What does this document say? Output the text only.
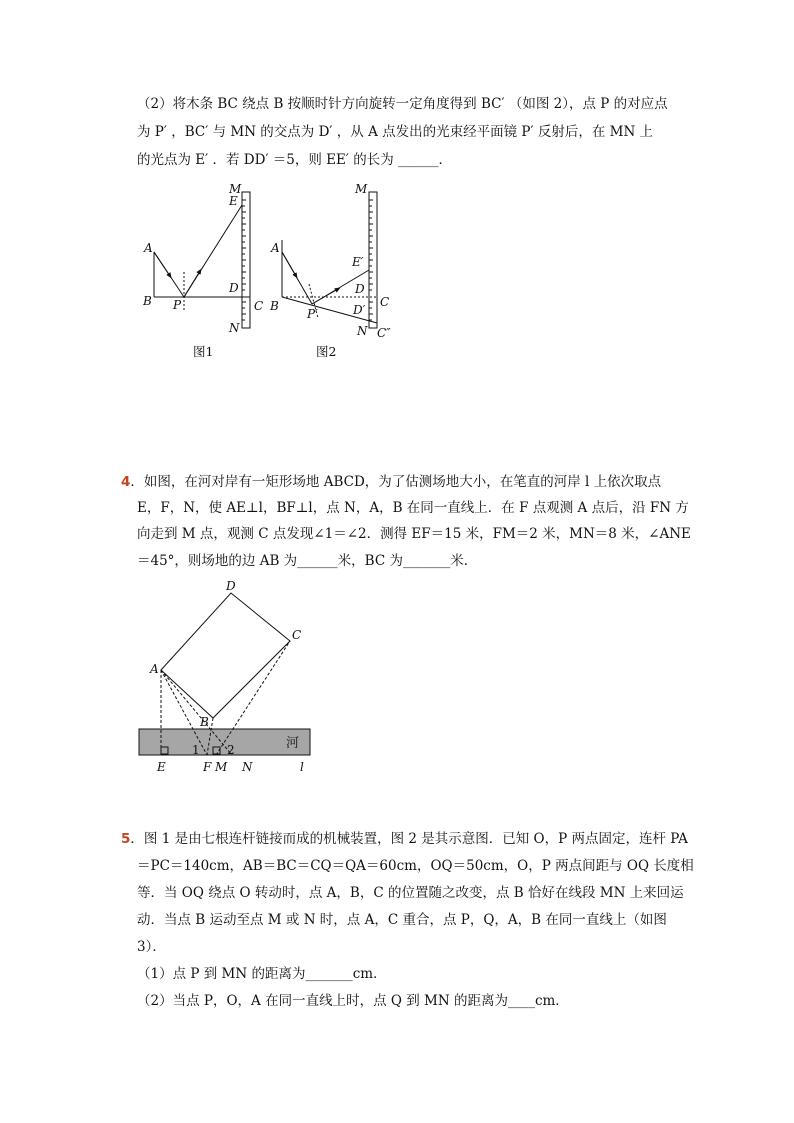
（2）将木条 BC 绕点 B 按顺时针方向旋转一定角度得到 BC′ （如图 2），点 P 的对应点
为 P′ ，BC′ 与 MN 的交点为 D′ ，从 A 点发出的光束经平面镜 P′ 反射后，在 MN 上
的光点为 E′ ．若 DD′ ＝5，则 EE′ 的长为 ______．
M
E
A
D
B P	C
N
图1
M
A
E′
D
B
P′	D′
C
N C″
图2
4．如图，在河对岸有一矩形场地 ABCD，为了估测场地大小，在笔直的河岸 l 上依次取点
E，F，N，使 AE⊥l，BF⊥l，点 N，A，B 在同一直线上．在 F 点观测 A 点后，沿 FN 方
向走到 M 点，观测 C 点发现∠1＝∠2．测得 EF＝15 米，FM＝2 米，MN＝8 米，∠ANE
＝45°，则场地的边 AB 为______米，BC 为_______米．
D
C
A
B
1 2	河
E	F M N	l
5．图 1 是由七根连杆链接而成的机械装置，图 2 是其示意图．已知 O，P 两点固定，连杆 PA
＝PC＝140cm，AB＝BC＝CQ＝QA＝60cm，OQ＝50cm，O，P 两点间距与 OQ 长度相
等．当 OQ 绕点 O 转动时，点 A，B，C 的位置随之改变，点 B 恰好在线段 MN 上来回运
动．当点 B 运动至点 M 或 N 时，点 A，C 重合，点 P，Q，A，B 在同一直线上（如图
3）．
（1）点 P 到 MN 的距离为_______cm．
（2）当点 P，O，A 在同一直线上时，点 Q 到 MN 的距离为____cm．
